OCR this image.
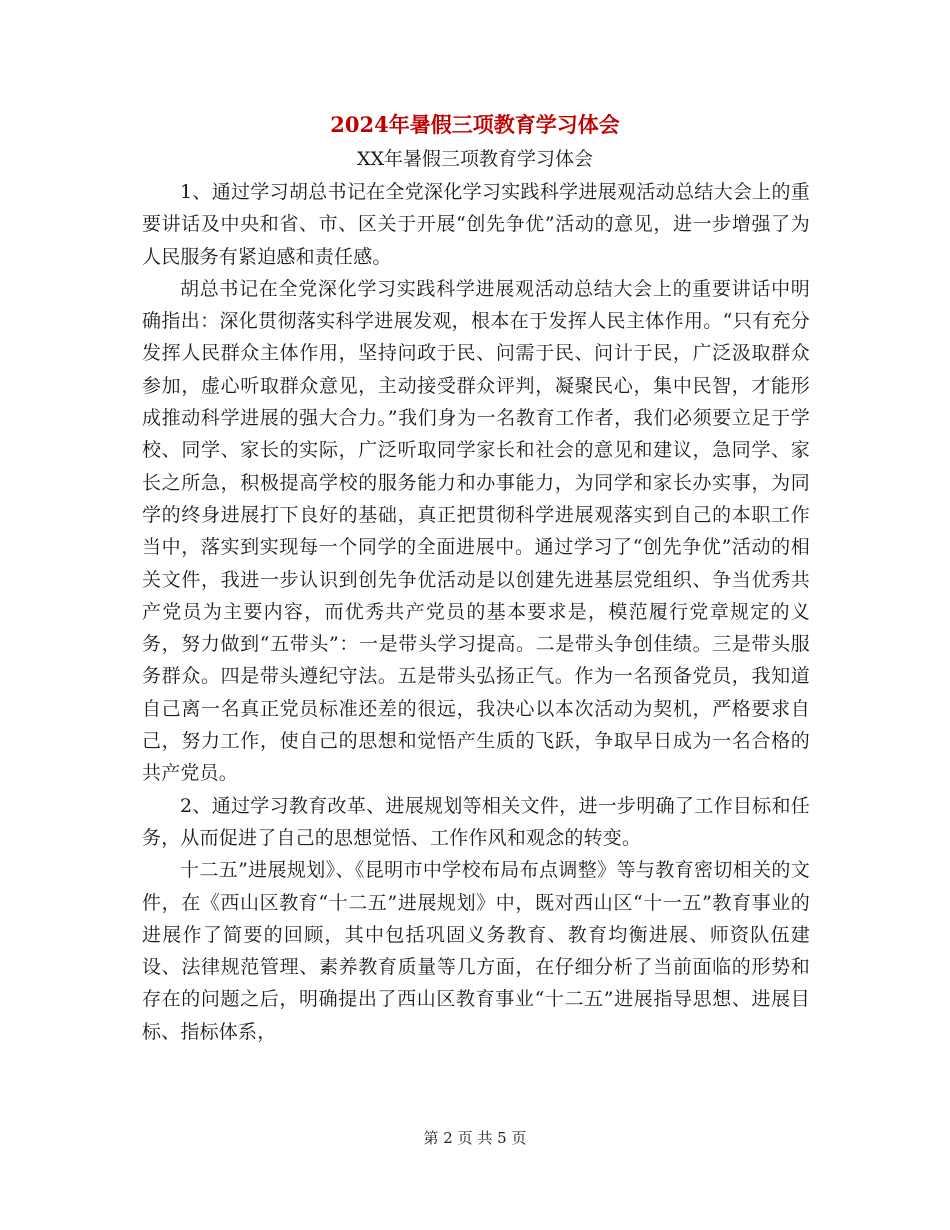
2024年暑假三项教育学习体会
XX年暑假三项教育学习体会

1、通过学习胡总书记在全党深化学习实践科学进展观活动总结大会上的重要讲话及中央和省、市、区关于开展“创先争优”活动的意见，进一步增强了为人民服务有紧迫感和责任感。

胡总书记在全党深化学习实践科学进展观活动总结大会上的重要讲话中明确指出：深化贯彻落实科学进展发观，根本在于发挥人民主体作用。“只有充分发挥人民群众主体作用，坚持问政于民、问需于民、问计于民，广泛汲取群众参加，虚心听取群众意见，主动接受群众评判，凝聚民心，集中民智，才能形成推动科学进展的强大合力。”我们身为一名教育工作者，我们必须要立足于学校、同学、家长的实际，广泛听取同学家长和社会的意见和建议，急同学、家长之所急，积极提高学校的服务能力和办事能力，为同学和家长办实事，为同学的终身进展打下良好的基础，真正把贯彻科学进展观落实到自己的本职工作当中，落实到实现每一个同学的全面进展中。通过学习了“创先争优”活动的相关文件，我进一步认识到创先争优活动是以创建先进基层党组织、争当优秀共产党员为主要内容，而优秀共产党员的基本要求是，模范履行党章规定的义务，努力做到“五带头”：一是带头学习提高。二是带头争创佳绩。三是带头服务群众。四是带头遵纪守法。五是带头弘扬正气。作为一名预备党员，我知道自己离一名真正党员标准还差的很远，我决心以本次活动为契机，严格要求自己，努力工作，使自己的思想和觉悟产生质的飞跃，争取早日成为一名合格的共产党员。

2、通过学习教育改革、进展规划等相关文件，进一步明确了工作目标和任务，从而促进了自己的思想觉悟、工作作风和观念的转变。

十二五”进展规划》、《昆明市中学校布局布点调整》等与教育密切相关的文件，在《西山区教育“十二五”进展规划》中，既对西山区“十一五”教育事业的进展作了简要的回顾，其中包括巩固义务教育、教育均衡进展、师资队伍建设、法律规范管理、素养教育质量等几方面，在仔细分析了当前面临的形势和存在的问题之后，明确提出了西山区教育事业“十二五”进展指导思想、进展目标、指标体系，

第 2 页 共 5 页
